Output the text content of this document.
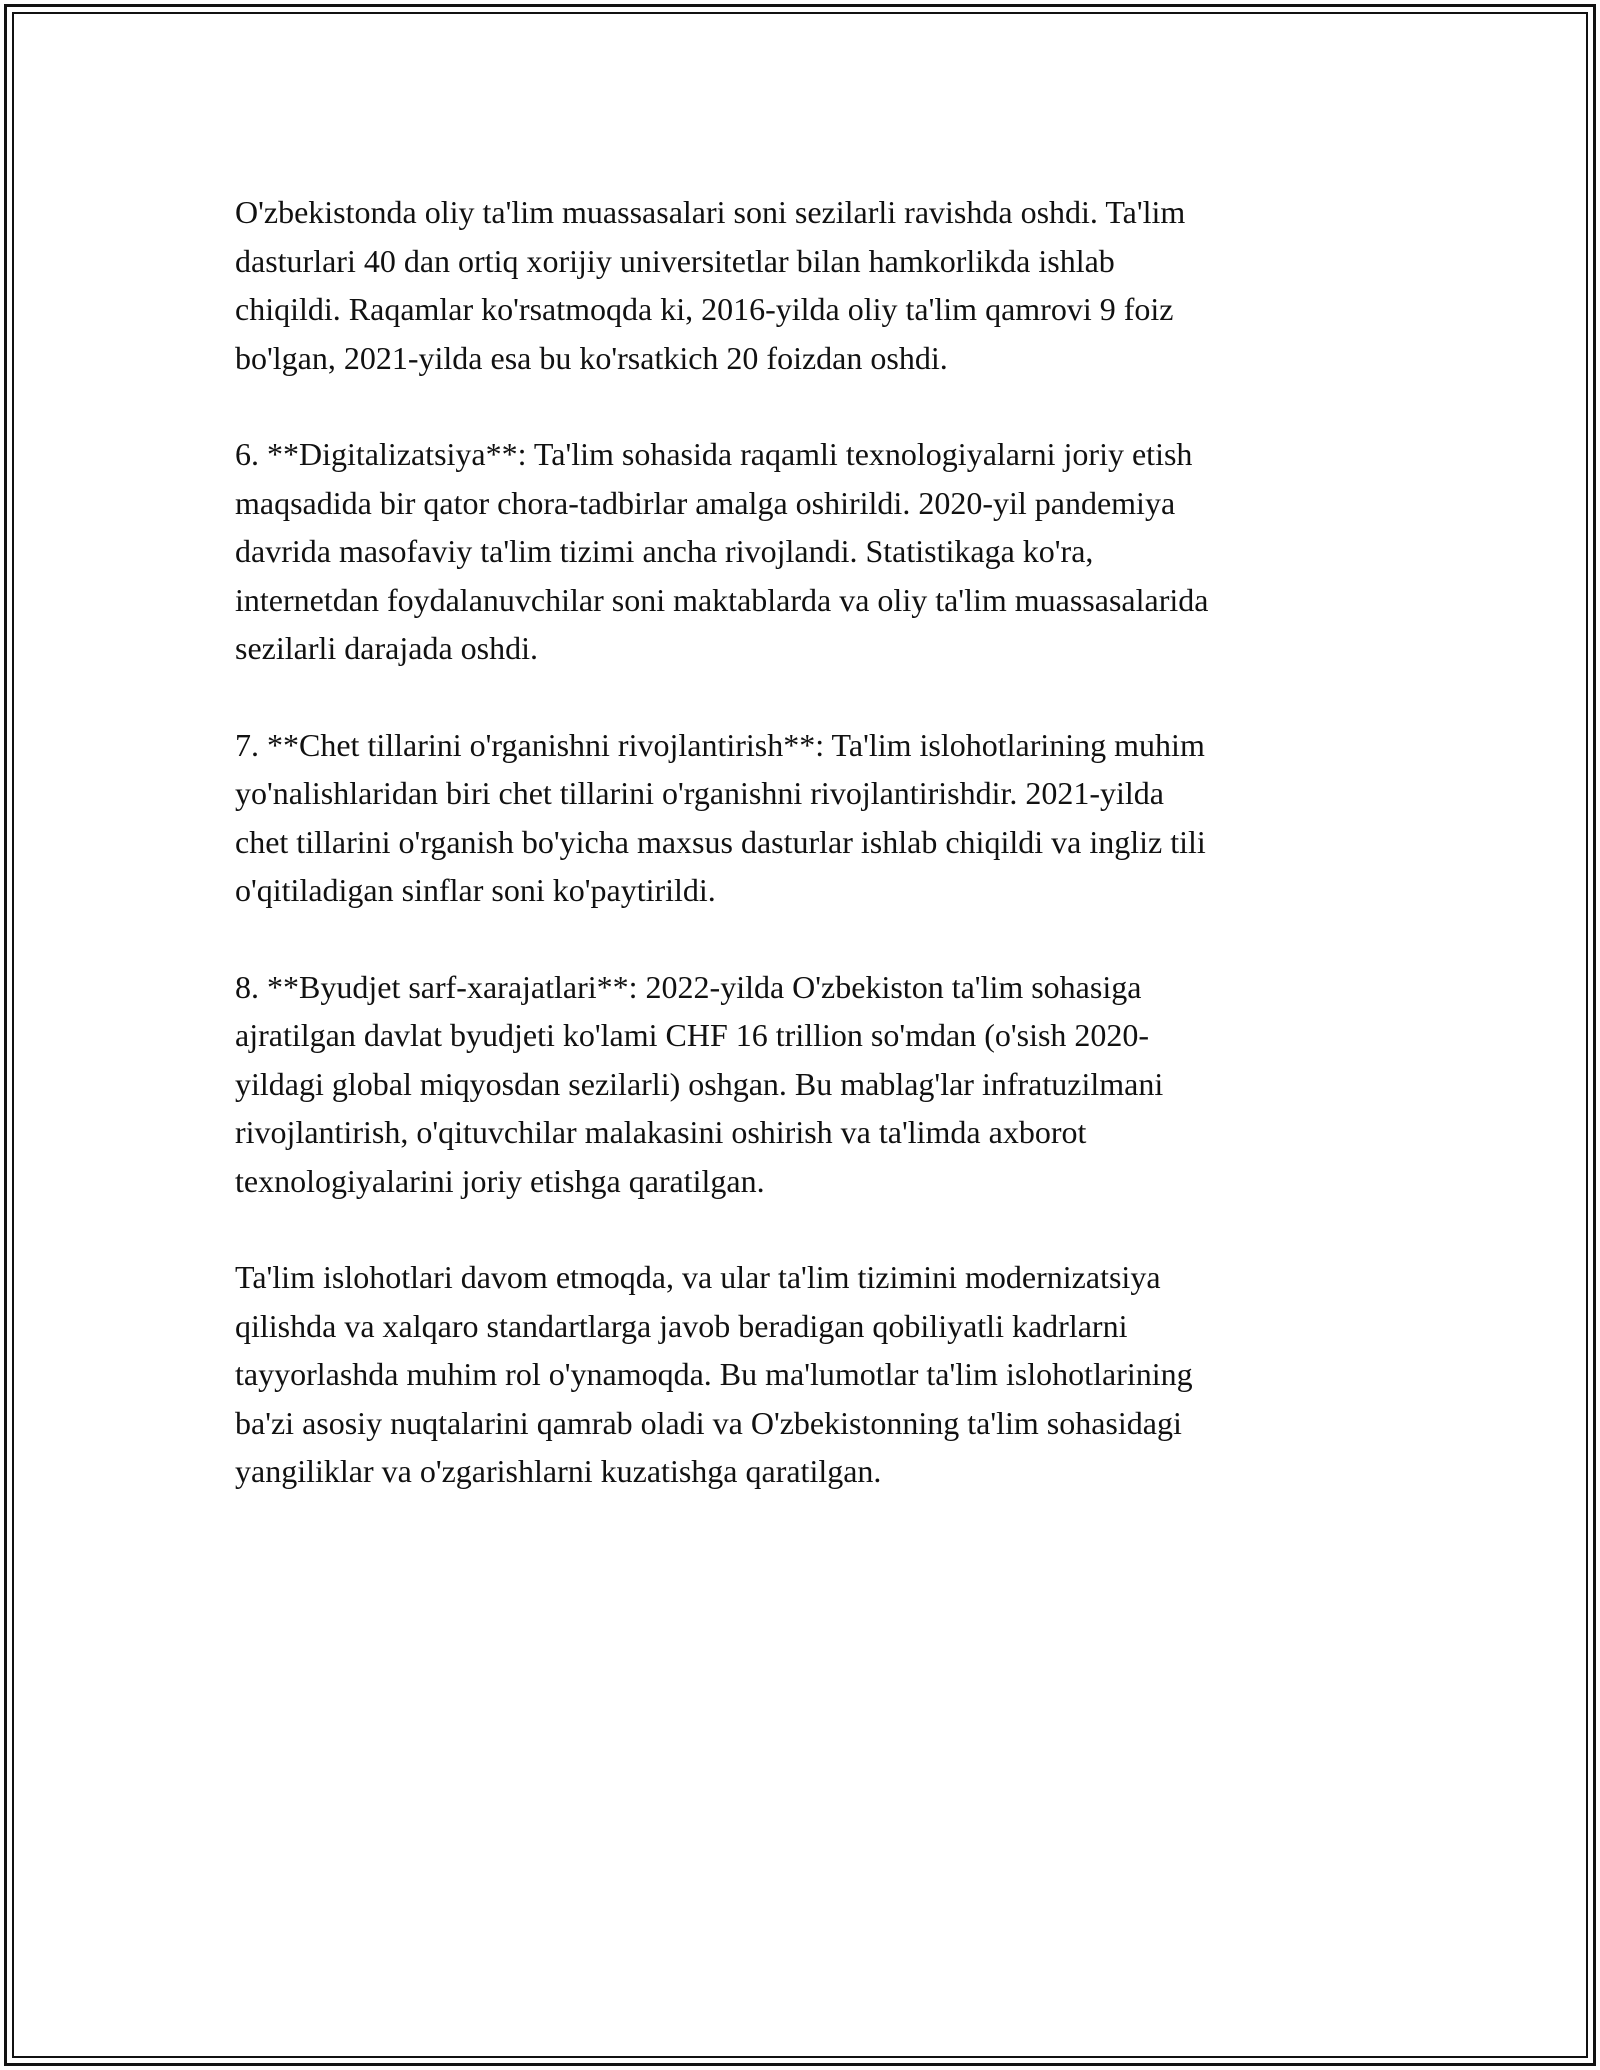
O'zbekistonda oliy ta'lim muassasalari soni sezilarli ravishda oshdi. Ta'lim
dasturlari 40 dan ortiq xorijiy universitetlar bilan hamkorlikda ishlab
chiqildi. Raqamlar ko'rsatmoqda ki, 2016-yilda oliy ta'lim qamrovi 9 foiz
bo'lgan, 2021-yilda esa bu ko'rsatkich 20 foizdan oshdi.

6. **Digitalizatsiya**: Ta'lim sohasida raqamli texnologiyalarni joriy etish
maqsadida bir qator chora-tadbirlar amalga oshirildi. 2020-yil pandemiya
davrida masofaviy ta'lim tizimi ancha rivojlandi. Statistikaga ko'ra,
internetdan foydalanuvchilar soni maktablarda va oliy ta'lim muassasalarida
sezilarli darajada oshdi.

7. **Chet tillarini o'rganishni rivojlantirish**: Ta'lim islohotlarining muhim
yo'nalishlaridan biri chet tillarini o'rganishni rivojlantirishdir. 2021-yilda
chet tillarini o'rganish bo'yicha maxsus dasturlar ishlab chiqildi va ingliz tili
o'qitiladigan sinflar soni ko'paytirildi.

8. **Byudjet sarf-xarajatlari**: 2022-yilda O'zbekiston ta'lim sohasiga
ajratilgan davlat byudjeti ko'lami CHF 16 trillion so'mdan (o'sish 2020-
yildagi global miqyosdan sezilarli) oshgan. Bu mablag'lar infratuzilmani
rivojlantirish, o'qituvchilar malakasini oshirish va ta'limda axborot
texnologiyalarini joriy etishga qaratilgan.

Ta'lim islohotlari davom etmoqda, va ular ta'lim tizimini modernizatsiya
qilishda va xalqaro standartlarga javob beradigan qobiliyatli kadrlarni
tayyorlashda muhim rol o'ynamoqda. Bu ma'lumotlar ta'lim islohotlarining
ba'zi asosiy nuqtalarini qamrab oladi va O'zbekistonning ta'lim sohasidagi
yangiliklar va o'zgarishlarni kuzatishga qaratilgan.
